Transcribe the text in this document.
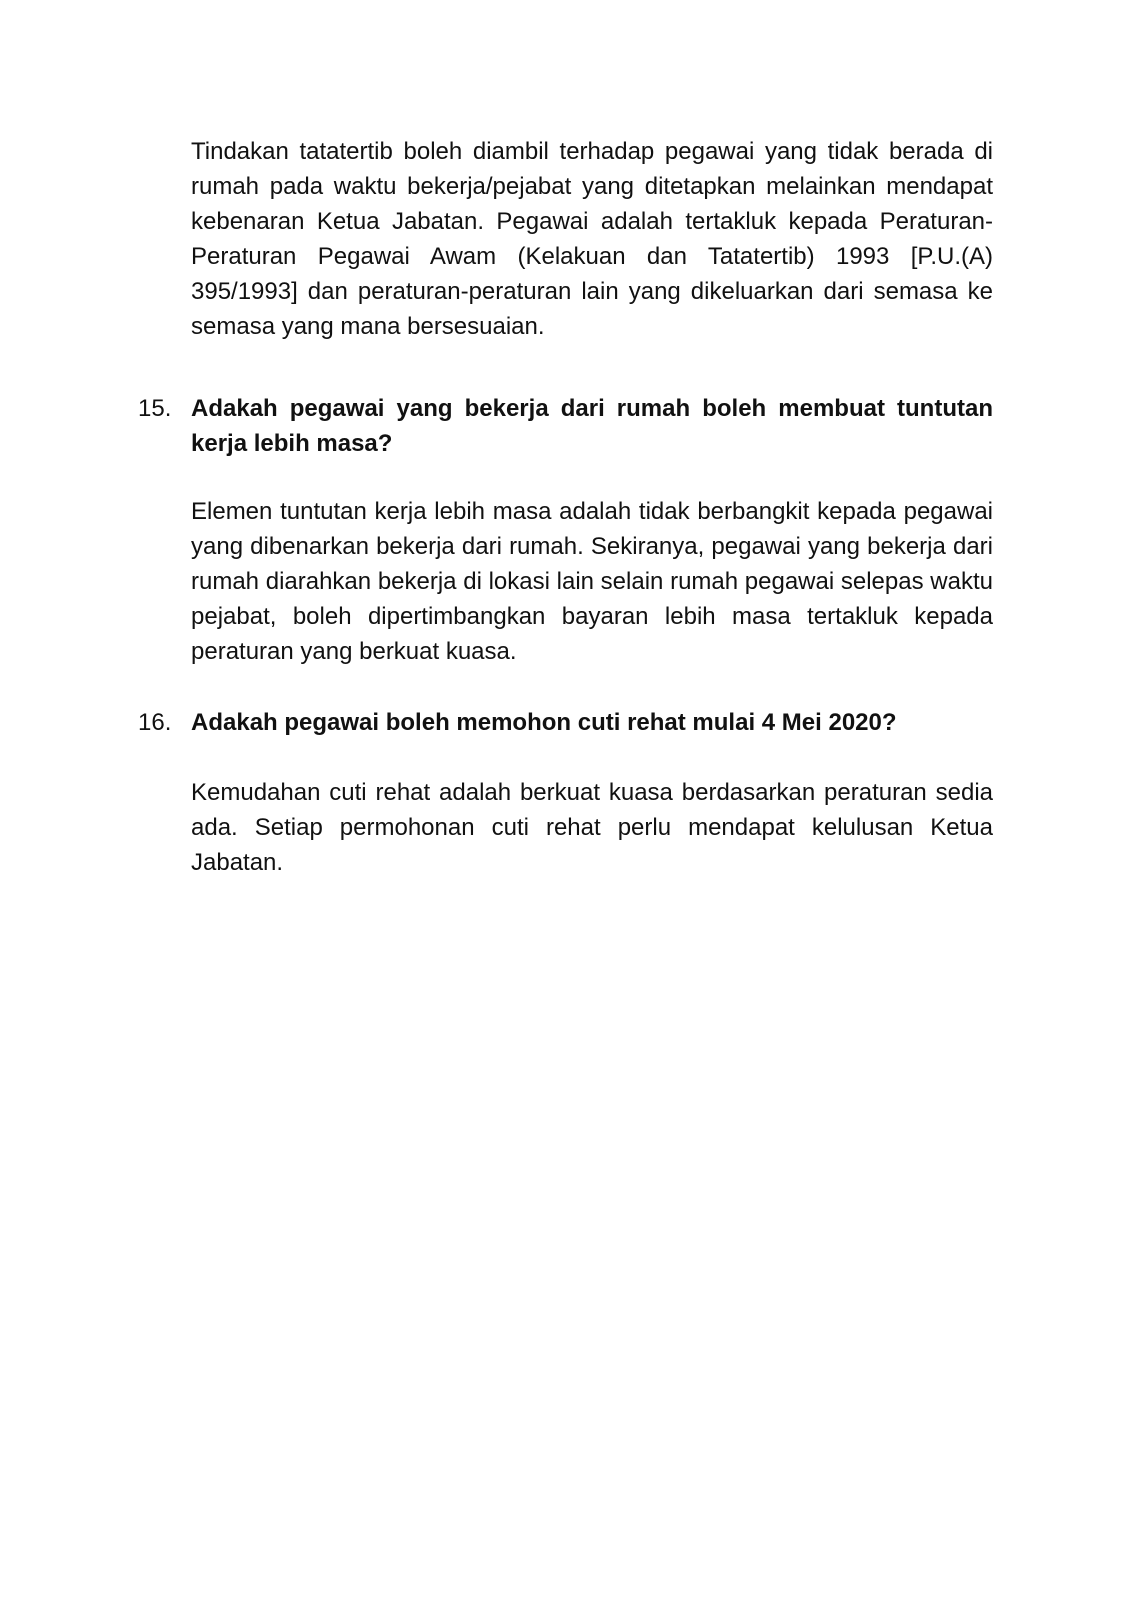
Tindakan tatatertib boleh diambil terhadap pegawai yang tidak berada di rumah pada waktu bekerja/pejabat yang ditetapkan melainkan mendapat kebenaran Ketua Jabatan. Pegawai adalah tertakluk kepada Peraturan-Peraturan Pegawai Awam (Kelakuan dan Tatatertib) 1993 [P.U.(A) 395/1993] dan peraturan-peraturan lain yang dikeluarkan dari semasa ke semasa yang mana bersesuaian.

15. Adakah pegawai yang bekerja dari rumah boleh membuat tuntutan kerja lebih masa?

Elemen tuntutan kerja lebih masa adalah tidak berbangkit kepada pegawai yang dibenarkan bekerja dari rumah. Sekiranya, pegawai yang bekerja dari rumah diarahkan bekerja di lokasi lain selain rumah pegawai selepas waktu pejabat, boleh dipertimbangkan bayaran lebih masa tertakluk kepada peraturan yang berkuat kuasa.

16. Adakah pegawai boleh memohon cuti rehat mulai 4 Mei 2020?

Kemudahan cuti rehat adalah berkuat kuasa berdasarkan peraturan sedia ada. Setiap permohonan cuti rehat perlu mendapat kelulusan Ketua Jabatan.
